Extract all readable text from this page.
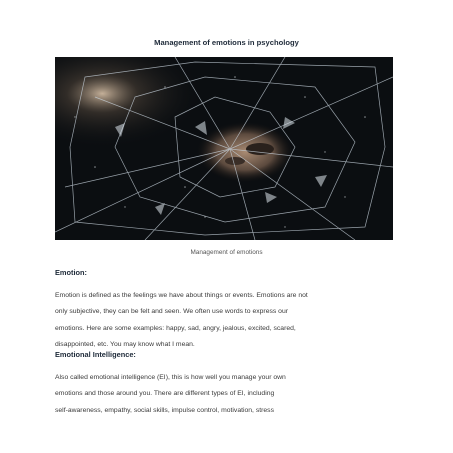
Management of emotions in psychology
Management of emotions
Emotion:

Emotion is defined as the feelings we have about things or events. Emotions are not
only subjective, they can be felt and seen. We often use words to express our
emotions. Here are some examples: happy, sad, angry, jealous, excited, scared,
disappointed, etc. You may know what I mean.

Emotional Intelligence:

Also called emotional intelligence (EI), this is how well you manage your own
emotions and those around you. There are different types of EI, including
self-awareness, empathy, social skills, impulse control, motivation, stress
